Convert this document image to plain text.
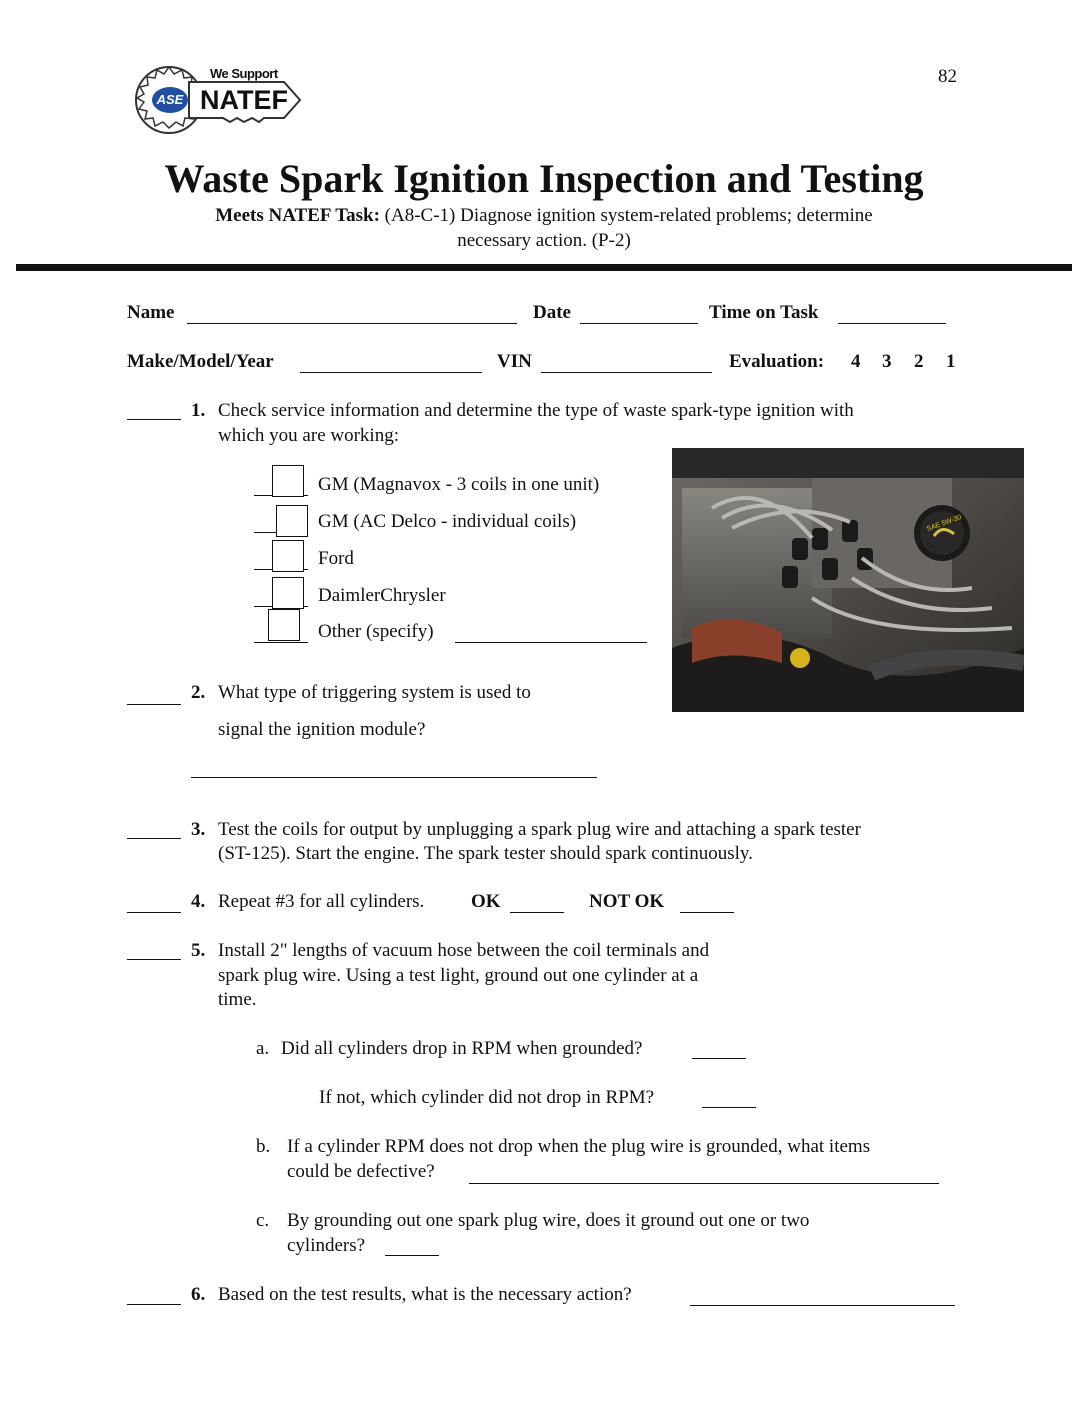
82
ASE
We Support
NATEF
Waste Spark Ignition Inspection and Testing
Meets NATEF Task: (A8-C-1) Diagnose ignition system-related problems; determine
necessary action. (P-2)
Name	Date	Time on Task
Make/Model/Year	VIN	Evaluation: 4 3 2 1
1. Check service information and determine the type of waste spark-type ignition with
which you are working:
GM (Magnavox - 3 coils in one unit)
GM (AC Delco - individual coils)
Ford
DaimlerChrysler
Other (specify)
SAE 5W-30
2. What type of triggering system is used to
signal the ignition module?
3. Test the coils for output by unplugging a spark plug wire and attaching a spark tester
(ST-125). Start the engine. The spark tester should spark continuously.
4. Repeat #3 for all cylinders. OK	NOT OK
5. Install 2" lengths of vacuum hose between the coil terminals and
spark plug wire. Using a test light, ground out one cylinder at a
time.
a. Did all cylinders drop in RPM when grounded?
If not, which cylinder did not drop in RPM?
b. If a cylinder RPM does not drop when the plug wire is grounded, what items
could be defective?
c. By grounding out one spark plug wire, does it ground out one or two
cylinders?
6. Based on the test results, what is the necessary action?
